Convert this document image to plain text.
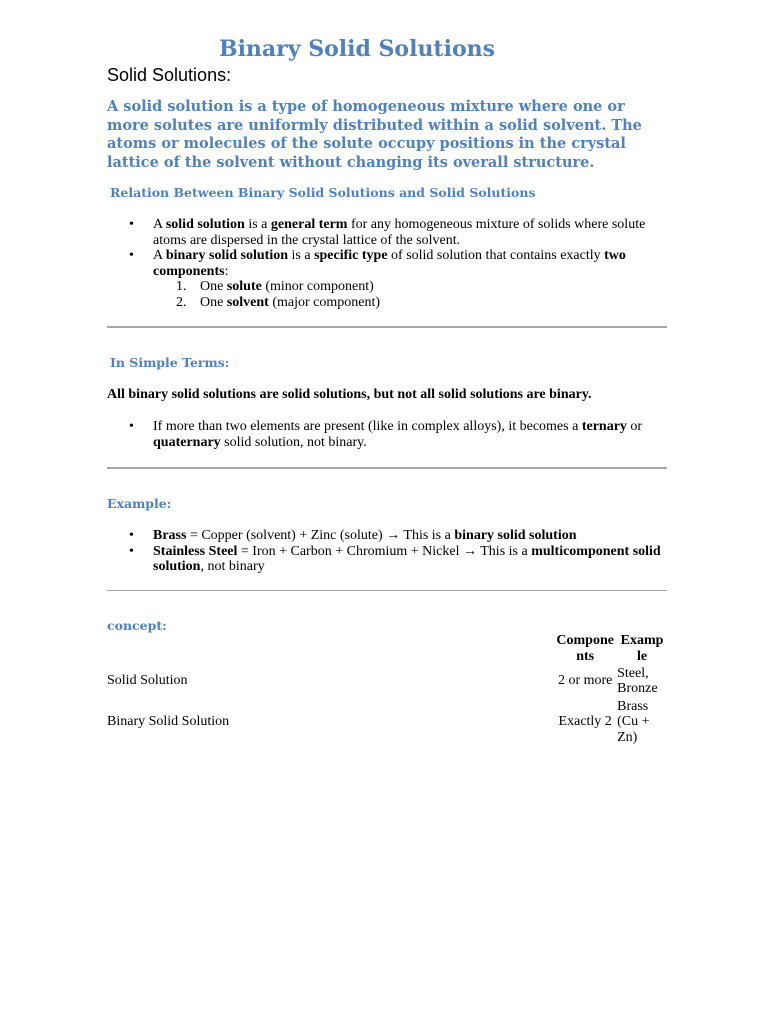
Binary Solid Solutions
Solid Solutions:

A solid solution is a type of homogeneous mixture where one or more solutes are uniformly distributed within a solid solvent. The atoms or molecules of the solute occupy positions in the crystal lattice of the solvent without changing its overall structure.

Relation Between Binary Solid Solutions and Solid Solutions
• A solid solution is a general term for any homogeneous mixture of solids where solute atoms are dispersed in the crystal lattice of the solvent.
• A binary solid solution is a specific type of solid solution that contains exactly two components:
1. One solute (minor component)
2. One solvent (major component)
In Simple Terms:

All binary solid solutions are solid solutions, but not all solid solutions are binary.

• If more than two elements are present (like in complex alloys), it becomes a ternary or quaternary solid solution, not binary.
Example:
• Brass = Copper (solvent) + Zinc (solute) → This is a binary solid solution
• Stainless Steel = Iron + Carbon + Chromium + Nickel → This is a multicomponent solid solution, not binary
concept:
	Compone nts	Examp le
Solid Solution	2 or more	Steel, Bronze
Binary Solid Solution	Exactly 2	Brass (Cu + Zn)
